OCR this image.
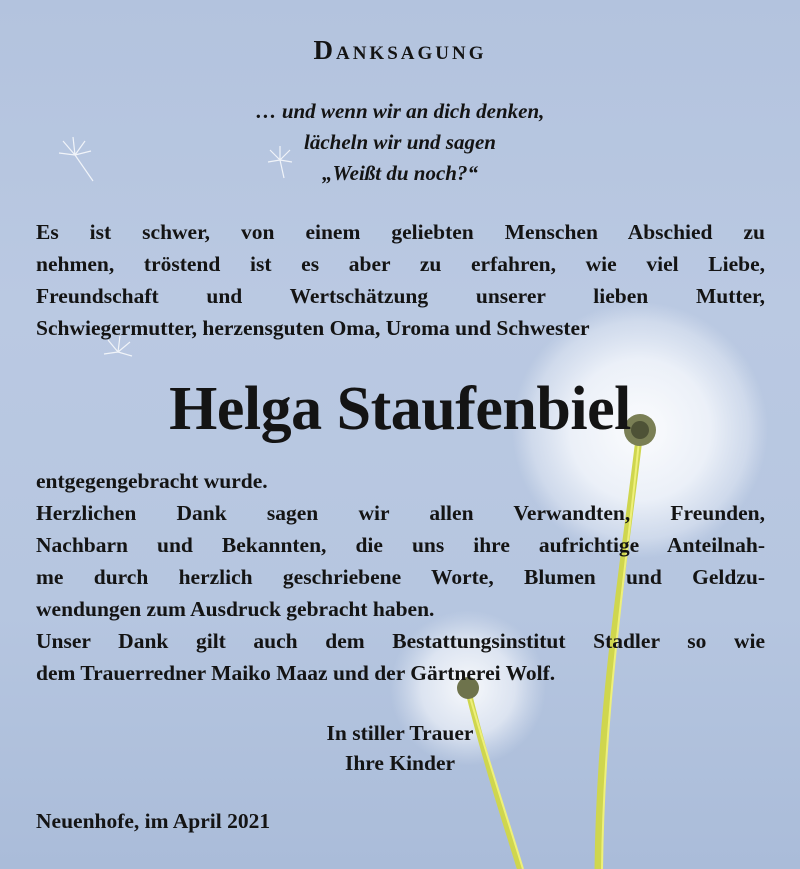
Danksagung
… und wenn wir an dich denken,
lächeln wir und sagen
„Weißt du noch?“
Es ist schwer, von einem geliebten Menschen Abschied zu
nehmen, tröstend ist es aber zu erfahren, wie viel Liebe,
Freundschaft und Wertschätzung unserer lieben Mutter,
Schwiegermutter, herzensguten Oma, Uroma und Schwester
Helga Staufenbiel
entgegengebracht wurde.
Herzlichen Dank sagen wir allen Verwandten, Freunden,
Nachbarn und Bekannten, die uns ihre aufrichtige Anteilnah-
me durch herzlich geschriebene Worte, Blumen und Geldzu-
wendungen zum Ausdruck gebracht haben.
Unser Dank gilt auch dem Bestattungsinstitut Stadler so wie
dem Trauerredner Maiko Maaz und der Gärtnerei Wolf.
In stiller Trauer
Ihre Kinder
Neuenhofe, im April 2021
